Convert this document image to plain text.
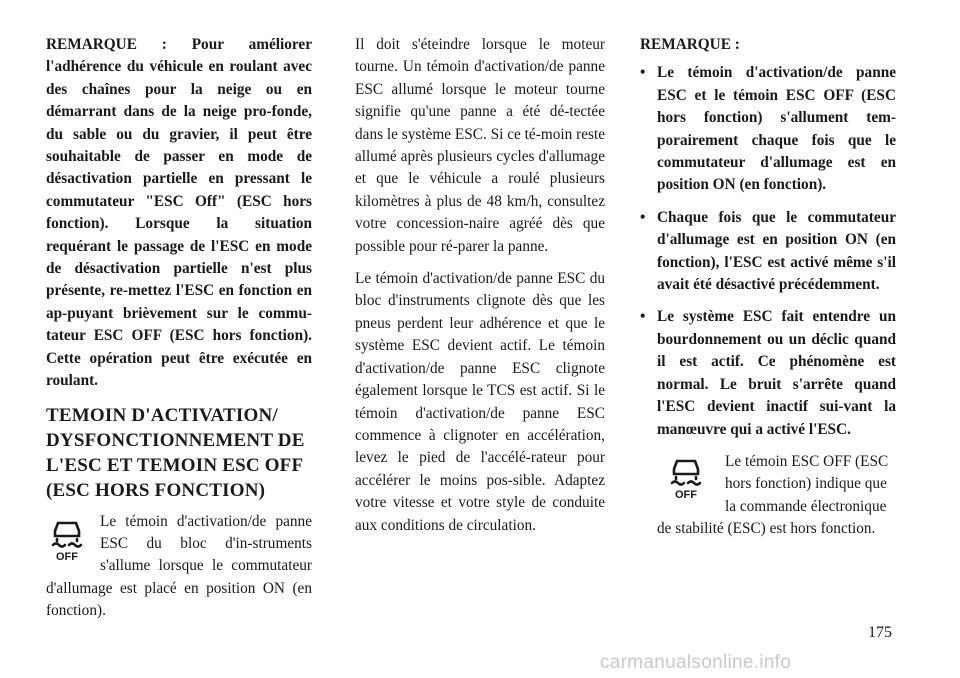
REMARQUE : Pour améliorer l'adhérence du véhicule en roulant avec des chaînes pour la neige ou en démarrant dans de la neige pro-fonde, du sable ou du gravier, il peut être souhaitable de passer en mode de désactivation partielle en pressant le commutateur "ESC Off" (ESC hors fonction). Lorsque la situation requérant le passage de l'ESC en mode de désactivation partielle n'est plus présente, re-mettez l'ESC en fonction en ap-puyant brièvement sur le commu-tateur ESC OFF (ESC hors fonction). Cette opération peut être exécutée en roulant.

TEMOIN D'ACTIVATION/ DYSFONCTIONNEMENT DE L'ESC ET TEMOIN ESC OFF (ESC HORS FONCTION)
OFF

Le témoin d'activation/de panne ESC du bloc d'in-struments s'allume lorsque le commutateur d'allumage est placé en position ON (en fonction).

Il doit s'éteindre lorsque le moteur tourne. Un témoin d'activation/de panne ESC allumé lorsque le moteur tourne signifie qu'une panne a été dé-tectée dans le système ESC. Si ce té-moin reste allumé après plusieurs cycles d'allumage et que le véhicule a roulé plusieurs kilomètres à plus de 48 km/h, consultez votre concession-naire agréé dès que possible pour ré-parer la panne.

Le témoin d'activation/de panne ESC du bloc d'instruments clignote dès que les pneus perdent leur adhérence et que le système ESC devient actif. Le témoin d'activation/de panne ESC clignote également lorsque le TCS est actif. Si le témoin d'activation/de panne ESC commence à clignoter en accélération, levez le pied de l'accélé-rateur pour accélérer le moins pos-sible. Adaptez votre vitesse et votre style de conduite aux conditions de circulation.

REMARQUE :

• Le témoin d'activation/de panne ESC et le témoin ESC OFF (ESC hors fonction) s'allument tem-porairement chaque fois que le commutateur d'allumage est en position ON (en fonction).
• Chaque fois que le commutateur d'allumage est en position ON (en fonction), l'ESC est activé même s'il avait été désactivé précédemment.
• Le système ESC fait entendre un bourdonnement ou un déclic quand il est actif. Ce phénomène est normal. Le bruit s'arrête quand l'ESC devient inactif sui-vant la manœuvre qui a activé l'ESC.
OFF

Le témoin ESC OFF (ESC hors fonction) indique que la commande électronique de stabilité (ESC) est hors fonction.

175
carmanualsonline.info
